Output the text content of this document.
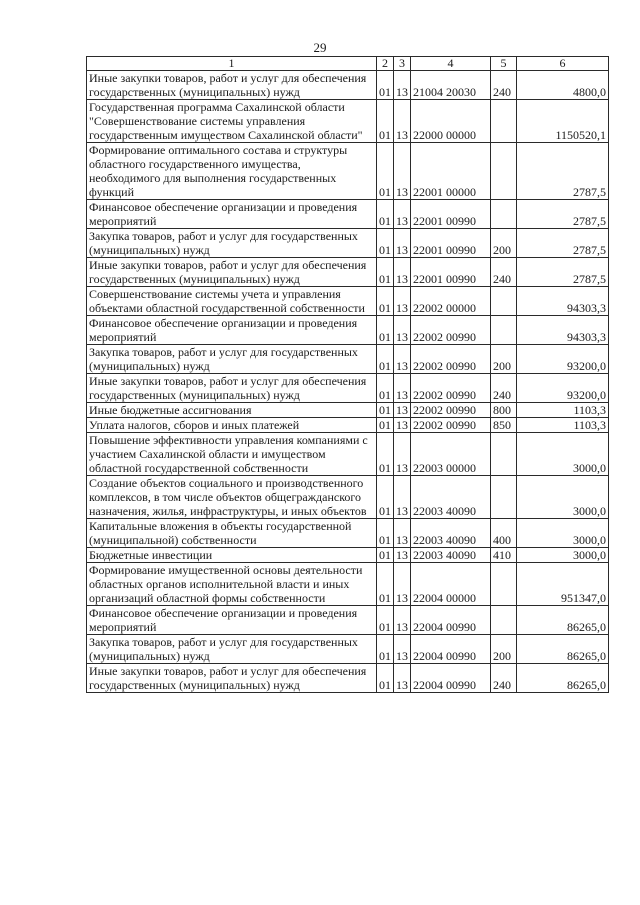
29
1	2	3	4	5	6
Иные закупки товаров, работ и услуг для обеспечения государственных (муниципальных) нужд	01	13	21004 20030	240	4800,0
Государственная программа Сахалинской области "Совершенствование системы управления государственным имуществом Сахалинской области"	01	13	22000 00000		1150520,1
Формирование оптимального состава и структуры областного государственного имущества, необходимого для выполнения государственных функций	01	13	22001 00000		2787,5
Финансовое обеспечение организации и проведения мероприятий	01	13	22001 00990		2787,5
Закупка товаров, работ и услуг для государственных (муниципальных) нужд	01	13	22001 00990	200	2787,5
Иные закупки товаров, работ и услуг для обеспечения государственных (муниципальных) нужд	01	13	22001 00990	240	2787,5
Совершенствование системы учета и управления объектами областной государственной собственности	01	13	22002 00000		94303,3
Финансовое обеспечение организации и проведения мероприятий	01	13	22002 00990		94303,3
Закупка товаров, работ и услуг для государственных (муниципальных) нужд	01	13	22002 00990	200	93200,0
Иные закупки товаров, работ и услуг для обеспечения государственных (муниципальных) нужд	01	13	22002 00990	240	93200,0
Иные бюджетные ассигнования	01	13	22002 00990	800	1103,3
Уплата налогов, сборов и иных платежей	01	13	22002 00990	850	1103,3
Повышение эффективности управления компаниями с участием Сахалинской области и имуществом областной государственной собственности	01	13	22003 00000		3000,0
Создание объектов социального и производственного комплексов, в том числе объектов общегражданского назначения, жилья, инфраструктуры, и иных объектов	01	13	22003 40090		3000,0
Капитальные вложения в объекты государственной (муниципальной) собственности	01	13	22003 40090	400	3000,0
Бюджетные инвестиции	01	13	22003 40090	410	3000,0
Формирование имущественной основы деятельности областных органов исполнительной власти и иных организаций областной формы собственности	01	13	22004 00000		951347,0
Финансовое обеспечение организации и проведения мероприятий	01	13	22004 00990		86265,0
Закупка товаров, работ и услуг для государственных (муниципальных) нужд	01	13	22004 00990	200	86265,0
Иные закупки товаров, работ и услуг для обеспечения государственных (муниципальных) нужд	01	13	22004 00990	240	86265,0
